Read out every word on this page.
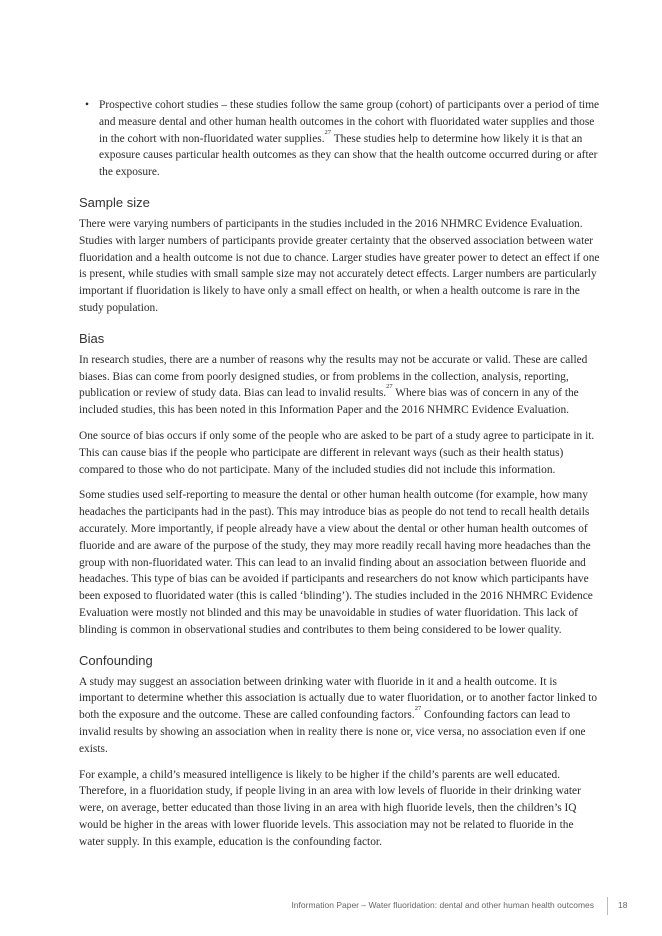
• Prospective cohort studies – these studies follow the same group (cohort) of participants over a period of time and measure dental and other human health outcomes in the cohort with fluoridated water supplies and those in the cohort with non-fluoridated water supplies.$^{27}$ These studies help to determine how likely it is that an exposure causes particular health outcomes as they can show that the health outcome occurred during or after the exposure.
Sample size

There were varying numbers of participants in the studies included in the 2016 NHMRC Evidence Evaluation. Studies with larger numbers of participants provide greater certainty that the observed association between water fluoridation and a health outcome is not due to chance. Larger studies have greater power to detect an effect if one is present, while studies with small sample size may not accurately detect effects. Larger numbers are particularly important if fluoridation is likely to have only a small effect on health, or when a health outcome is rare in the study population.

Bias

In research studies, there are a number of reasons why the results may not be accurate or valid. These are called biases. Bias can come from poorly designed studies, or from problems in the collection, analysis, reporting, publication or review of study data. Bias can lead to invalid results.$^{27}$ Where bias was of concern in any of the included studies, this has been noted in this Information Paper and the 2016 NHMRC Evidence Evaluation.

One source of bias occurs if only some of the people who are asked to be part of a study agree to participate in it. This can cause bias if the people who participate are different in relevant ways (such as their health status) compared to those who do not participate. Many of the included studies did not include this information.

Some studies used self-reporting to measure the dental or other human health outcome (for example, how many headaches the participants had in the past). This may introduce bias as people do not tend to recall health details accurately. More importantly, if people already have a view about the dental or other human health outcomes of fluoride and are aware of the purpose of the study, they may more readily recall having more headaches than the group with non-fluoridated water. This can lead to an invalid finding about an association between fluoride and headaches. This type of bias can be avoided if participants and researchers do not know which participants have been exposed to fluoridated water (this is called ‘blinding’). The studies included in the 2016 NHMRC Evidence Evaluation were mostly not blinded and this may be unavoidable in studies of water fluoridation. This lack of blinding is common in observational studies and contributes to them being considered to be lower quality.

Confounding

A study may suggest an association between drinking water with fluoride in it and a health outcome. It is important to determine whether this association is actually due to water fluoridation, or to another factor linked to both the exposure and the outcome. These are called confounding factors.$^{27}$ Confounding factors can lead to invalid results by showing an association when in reality there is none or, vice versa, no association even if one exists.

For example, a child’s measured intelligence is likely to be higher if the child’s parents are well educated. Therefore, in a fluoridation study, if people living in an area with low levels of fluoride in their drinking water were, on average, better educated than those living in an area with high fluoride levels, then the children’s IQ would be higher in the areas with lower fluoride levels. This association may not be related to fluoride in the water supply. In this example, education is the confounding factor.

Information Paper – Water fluoridation: dental and other human health outcomes	18
